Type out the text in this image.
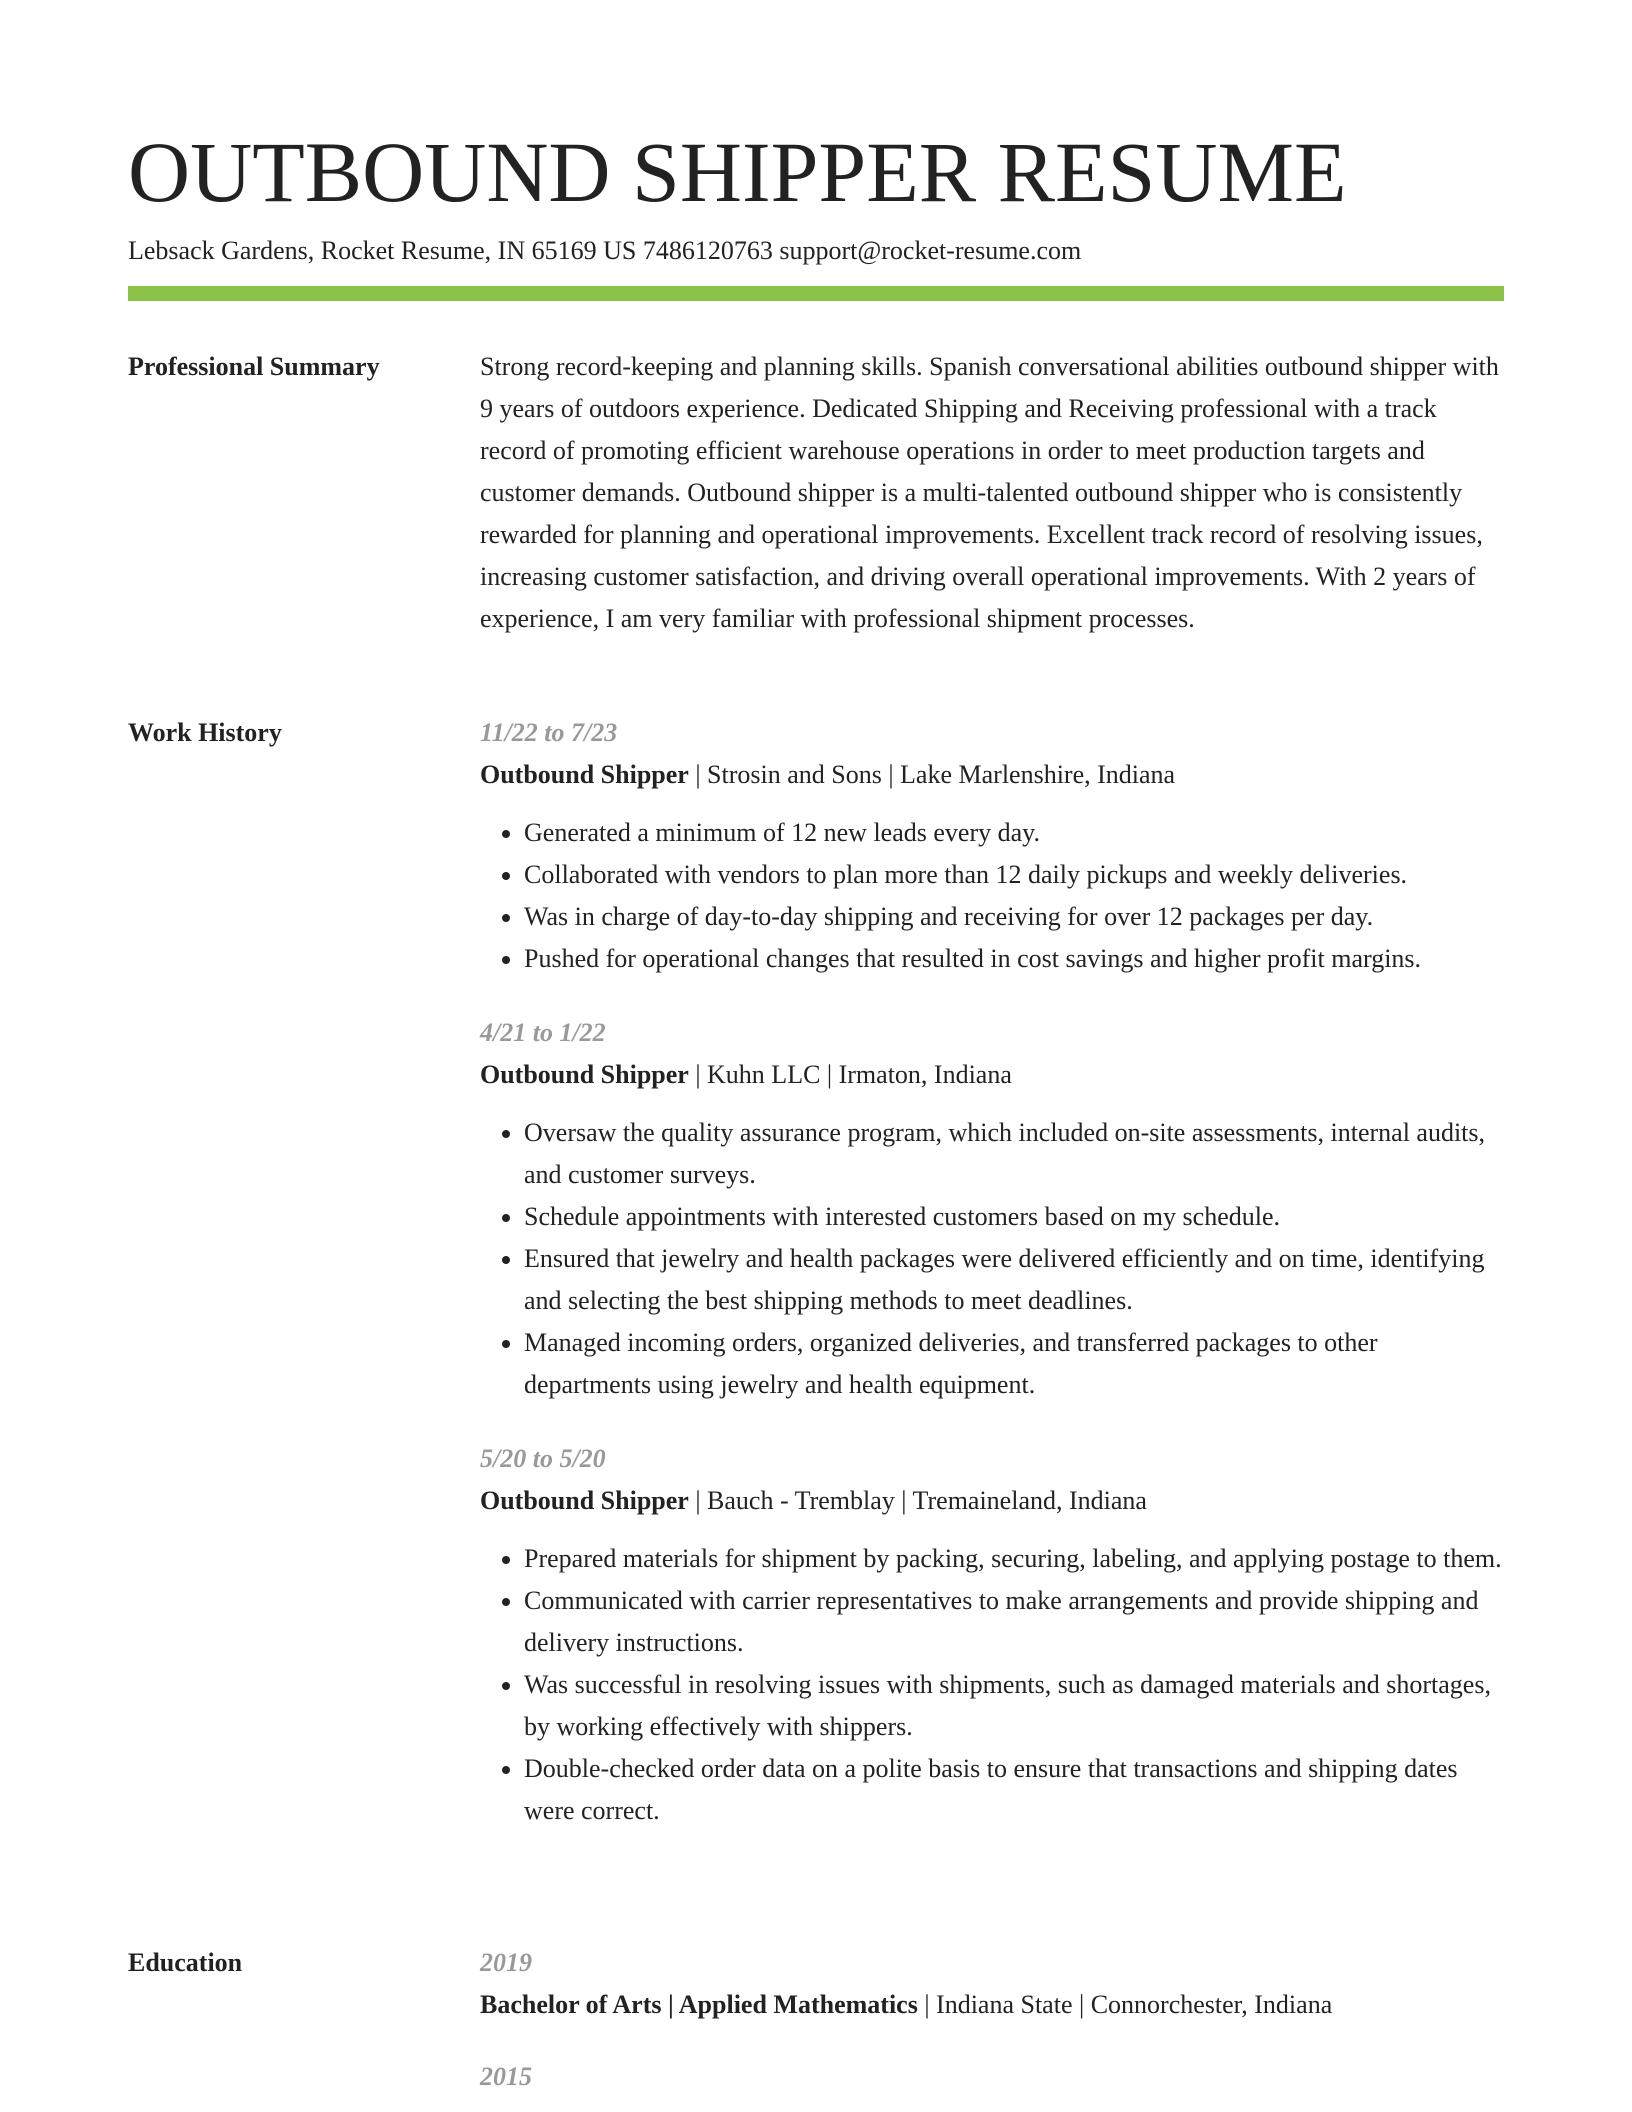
OUTBOUND SHIPPER RESUME
Lebsack Gardens, Rocket Resume, IN 65169 US 7486120763 support@rocket-resume.com
Professional Summary	Strong record-keeping and planning skills. Spanish conversational abilities outbound shipper with 9 years of outdoors experience. Dedicated Shipping and Receiving professional with a track record of promoting efficient warehouse operations in order to meet production targets and customer demands. Outbound shipper is a multi-talented outbound shipper who is consistently rewarded for planning and operational improvements. Excellent track record of resolving issues, increasing customer satisfaction, and driving overall operational improvements. With 2 years of experience, I am very familiar with professional shipment processes.

Work History	11/22 to 7/23
Outbound Shipper | Strosin and Sons | Lake Marlenshire, Indiana
• Generated a minimum of 12 new leads every day.
• Collaborated with vendors to plan more than 12 daily pickups and weekly deliveries.
• Was in charge of day-to-day shipping and receiving for over 12 packages per day.
• Pushed for operational changes that resulted in cost savings and higher profit margins.
4/21 to 1/22
Outbound Shipper | Kuhn LLC | Irmaton, Indiana
• Oversaw the quality assurance program, which included on-site assessments, internal audits, and customer surveys.
• Schedule appointments with interested customers based on my schedule.
• Ensured that jewelry and health packages were delivered efficiently and on time, identifying and selecting the best shipping methods to meet deadlines.
• Managed incoming orders, organized deliveries, and transferred packages to other departments using jewelry and health equipment.
5/20 to 5/20
Outbound Shipper | Bauch - Tremblay | Tremaineland, Indiana
• Prepared materials for shipment by packing, securing, labeling, and applying postage to them.
• Communicated with carrier representatives to make arrangements and provide shipping and delivery instructions.
• Was successful in resolving issues with shipments, such as damaged materials and shortages, by working effectively with shippers.
• Double-checked order data on a polite basis to ensure that transactions and shipping dates were correct.
Education	2019
Bachelor of Arts | Applied Mathematics | Indiana State | Connorchester, Indiana
2015
